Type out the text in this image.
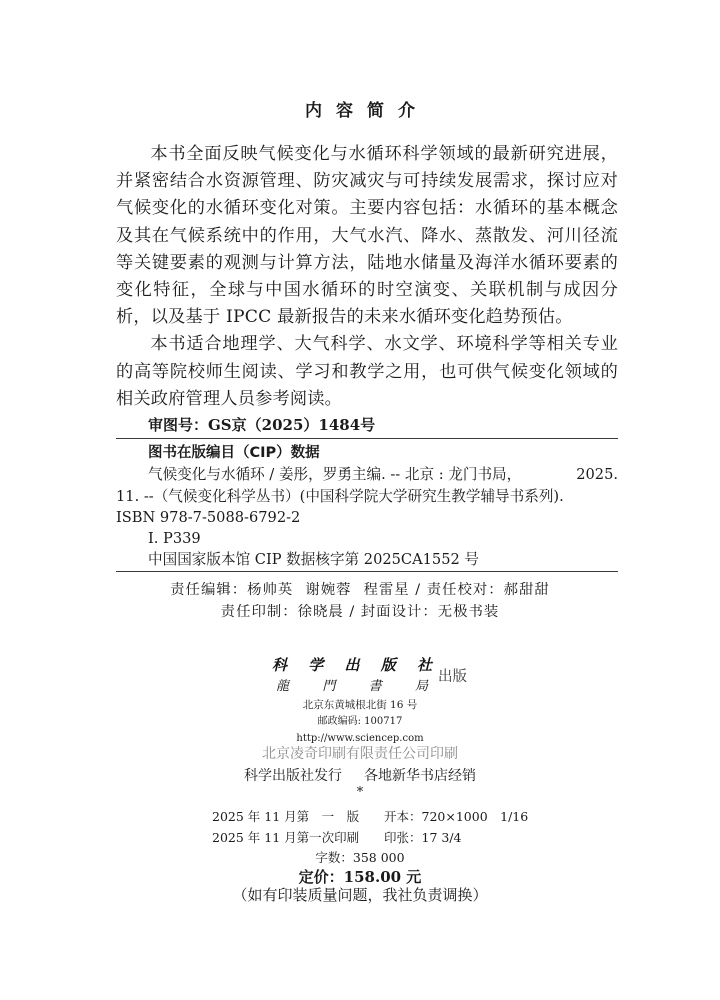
内容简介

本书全面反映气候变化与水循环科学领域的最新研究进展，并紧密结合水资源管理、防灾减灾与可持续发展需求，探讨应对气候变化的水循环变化对策。主要内容包括：水循环的基本概念及其在气候系统中的作用，大气水汽、降水、蒸散发、河川径流等关键要素的观测与计算方法，陆地水储量及海洋水循环要素的变化特征，全球与中国水循环的时空演变、关联机制与成因分析，以及基于 IPCC 最新报告的未来水循环变化趋势预估。

本书适合地理学、大气科学、水文学、环境科学等相关专业的高等院校师生阅读、学习和教学之用，也可供气候变化领域的相关政府管理人员参考阅读。

审图号：GS京（2025）1484号
图书在版编目（CIP）数据
气候变化与水循环 / 姜彤，罗勇主编. -- 北京 : 龙门书局，	2025.
11. --（气候变化科学丛书）(中国科学院大学研究生教学辅导书系列).
ISBN 978-7-5088-6792-2
Ⅰ. P339
中国国家版本馆 CIP 数据核字第 2025CA1552 号
责任编辑：杨帅英 谢婉蓉 程雷星 / 责任校对：郝甜甜
责任印制：徐晓晨 / 封面设计：无极书装
科 学 出 版 社
龍	門	書	局
出版
北京东黄城根北街 16 号
邮政编码: 100717
http://www.sciencep.com
北京凌奇印刷有限责任公司印刷
科学出版社发行 各地新华书店经销
*
2025 年 11 月第　一　版	开本：720×1000　1/16
2025 年 11 月第一次印刷	印张：17 3/4
字数：358 000
定价：158.00 元
（如有印装质量问题，我社负责调换）
